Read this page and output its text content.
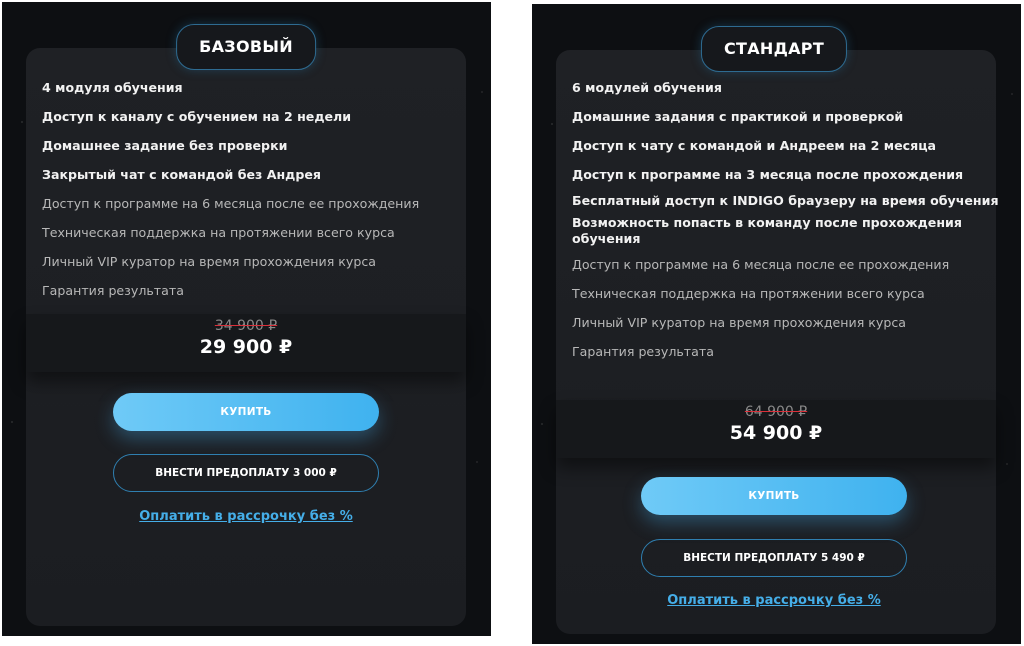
БАЗОВЫЙ
4 модуля обучения
Доступ к каналу с обучением на 2 недели
Домашнее задание без проверки
Закрытый чат с командой без Андрея
Доступ к программе на 6 месяца после ее прохождения
Техническая поддержка на протяжении всего курса
Личный VIP куратор на время прохождения курса
Гарантия результата
34 900 ₽
29 900 ₽
КУПИТЬ
ВНЕСТИ ПРЕДОПЛАТУ 3 000 ₽
Оплатить в рассрочку без %
СТАНДАРТ
6 модулей обучения
Домашние задания с практикой и проверкой
Доступ к чату с командой и Андреем на 2 месяца
Доступ к программе на 3 месяца после прохождения
Бесплатный доступ к INDIGO браузеру на время обучения
Возможность попасть в команду после прохождения обучения
Доступ к программе на 6 месяца после ее прохождения
Техническая поддержка на протяжении всего курса
Личный VIP куратор на время прохождения курса
Гарантия результата
64 900 ₽
54 900 ₽
КУПИТЬ
ВНЕСТИ ПРЕДОПЛАТУ 5 490 ₽
Оплатить в рассрочку без %
